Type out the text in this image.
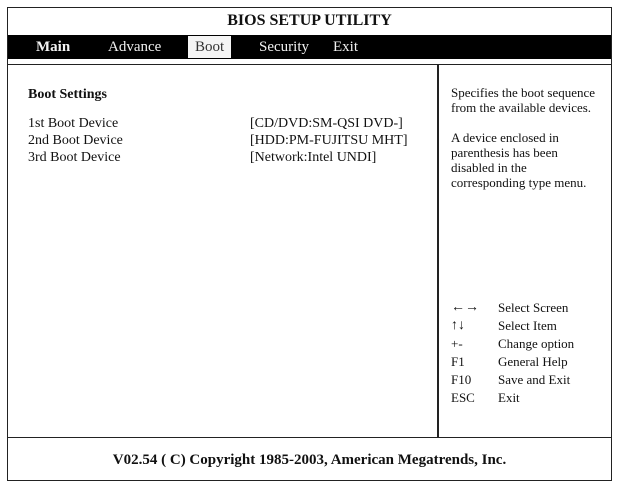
BIOS SETUP UTILITY
Main	Advance	Boot	Security Exit
Boot Settings
1st Boot Device	[CD/DVD:SM-QSI DVD-]
2nd Boot Device	[HDD:PM-FUJITSU MHT]
3rd Boot Device	[Network:Intel UNDI]

Specifies the boot sequence from the available devices.

A device enclosed in parenthesis has been disabled in the corresponding type menu.

←→	Select Screen
↑↓	Select Item
+-	Change option
F1	General Help
F10	Save and Exit
ESC	Exit
V02.54 ( C) Copyright 1985-2003, American Megatrends, Inc.
